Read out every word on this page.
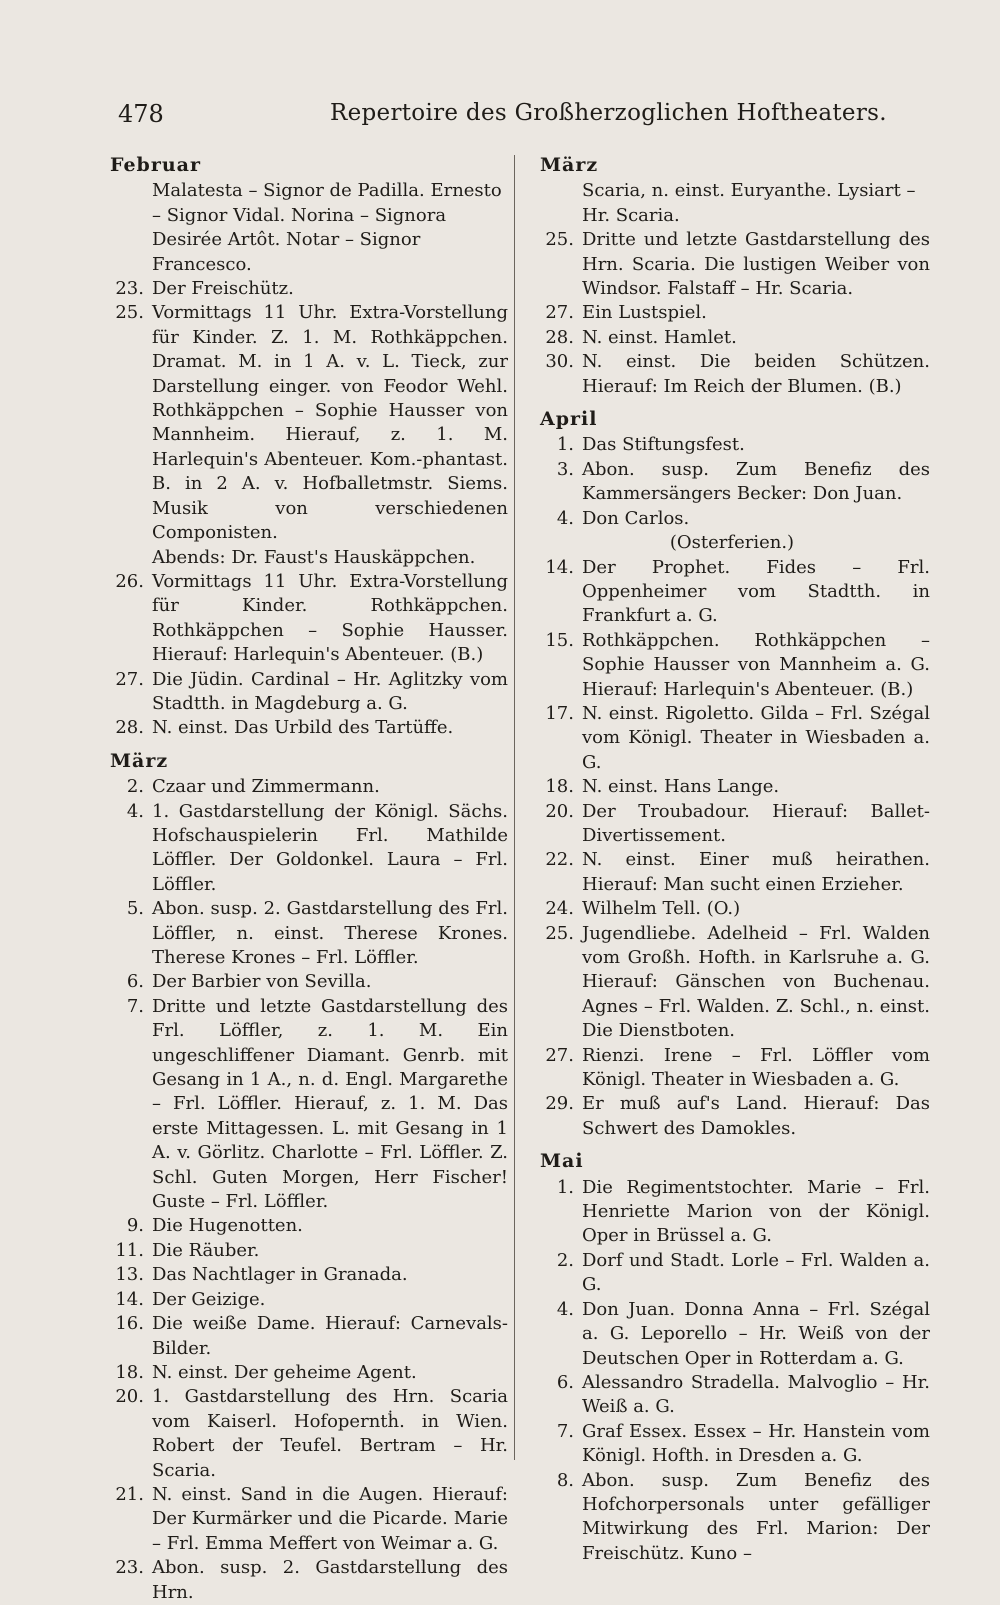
478	Repertoire des Großherzoglichen Hoftheaters.
Februar
Malatesta – Signor de Padilla. Ernesto – Signor Vidal. Norina – Signora Desirée Artôt. Notar – Signor Francesco.
23. Der Freischütz.
25. Vormittags 11 Uhr. Extra-Vorstellung für Kinder. Z. 1. M. Rothkäppchen. Dramat. M. in 1 A. v. L. Tieck, zur Darstellung einger. von Feodor Wehl. Rothkäppchen – Sophie Hausser von Mannheim. Hierauf, z. 1. M. Harlequin's Abenteuer. Kom.-phantast. B. in 2 A. v. Hofballetmstr. Siems. Musik von verschiedenen Componisten.
Abends: Dr. Faust's Hauskäppchen.
26. Vormittags 11 Uhr. Extra-Vorstellung für Kinder. Rothkäppchen. Rothkäppchen – Sophie Hausser. Hierauf: Harlequin's Abenteuer. (B.)
27. Die Jüdin. Cardinal – Hr. Aglitzky vom Stadtth. in Magdeburg a. G.
28. N. einst. Das Urbild des Tartüffe.
März
2. Czaar und Zimmermann.
4. 1. Gastdarstellung der Königl. Sächs. Hofschauspielerin Frl. Mathilde Löffler. Der Goldonkel. Laura – Frl. Löffler.
5. Abon. susp. 2. Gastdarstellung des Frl. Löffler, n. einst. Therese Krones. Therese Krones – Frl. Löffler.
6. Der Barbier von Sevilla.
7. Dritte und letzte Gastdarstellung des Frl. Löffler, z. 1. M. Ein ungeschliffener Diamant. Genrb. mit Gesang in 1 A., n. d. Engl. Margarethe – Frl. Löffler. Hierauf, z. 1. M. Das erste Mittagessen. L. mit Gesang in 1 A. v. Görlitz. Charlotte – Frl. Löffler. Z. Schl. Guten Morgen, Herr Fischer! Guste – Frl. Löffler.
9. Die Hugenotten.
11. Die Räuber.
13. Das Nachtlager in Granada.
14. Der Geizige.
16. Die weiße Dame. Hierauf: Carnevals-Bilder.
18. N. einst. Der geheime Agent.
20. 1. Gastdarstellung des Hrn. Scaria vom Kaiserl. Hofoperntḣ. in Wien. Robert der Teufel. Bertram – Hr. Scaria.
21. N. einst. Sand in die Augen. Hierauf: Der Kurmärker und die Picarde. Marie – Frl. Emma Meffert von Weimar a. G.
23. Abon. susp. 2. Gastdarstellung des Hrn.
März
Scaria, n. einst. Euryanthe. Lysiart – Hr. Scaria.
25. Dritte und letzte Gastdarstellung des Hrn. Scaria. Die lustigen Weiber von Windsor. Falstaff – Hr. Scaria.
27. Ein Lustspiel.
28. N. einst. Hamlet.
30. N. einst. Die beiden Schützen. Hierauf: Im Reich der Blumen. (B.)
April
1. Das Stiftungsfest.
3. Abon. susp. Zum Benefiz des Kammersängers Becker: Don Juan.
4. Don Carlos.
(Osterferien.)
14. Der Prophet. Fides – Frl. Oppenheimer vom Stadtth. in Frankfurt a. G.
15. Rothkäppchen. Rothkäppchen – Sophie Hausser von Mannheim a. G. Hierauf: Harlequin's Abenteuer. (B.)
17. N. einst. Rigoletto. Gilda – Frl. Szégal vom Königl. Theater in Wiesbaden a. G.
18. N. einst. Hans Lange.
20. Der Troubadour. Hierauf: Ballet-Divertissement.
22. N. einst. Einer muß heirathen. Hierauf: Man sucht einen Erzieher.
24. Wilhelm Tell. (O.)
25. Jugendliebe. Adelheid – Frl. Walden vom Großh. Hofth. in Karlsruhe a. G. Hierauf: Gänschen von Buchenau. Agnes – Frl. Walden. Z. Schl., n. einst. Die Dienstboten.
27. Rienzi. Irene – Frl. Löffler vom Königl. Theater in Wiesbaden a. G.
29. Er muß auf's Land. Hierauf: Das Schwert des Damokles.
Mai
1. Die Regimentstochter. Marie – Frl. Henriette Marion von der Königl. Oper in Brüssel a. G.
2. Dorf und Stadt. Lorle – Frl. Walden a. G.
4. Don Juan. Donna Anna – Frl. Szégal a. G. Leporello – Hr. Weiß von der Deutschen Oper in Rotterdam a. G.
6. Alessandro Stradella. Malvoglio – Hr. Weiß a. G.
7. Graf Essex. Essex – Hr. Hanstein vom Königl. Hofth. in Dresden a. G.
8. Abon. susp. Zum Benefiz des Hofchorpersonals unter gefälliger Mitwirkung des Frl. Marion: Der Freischütz. Kuno –
